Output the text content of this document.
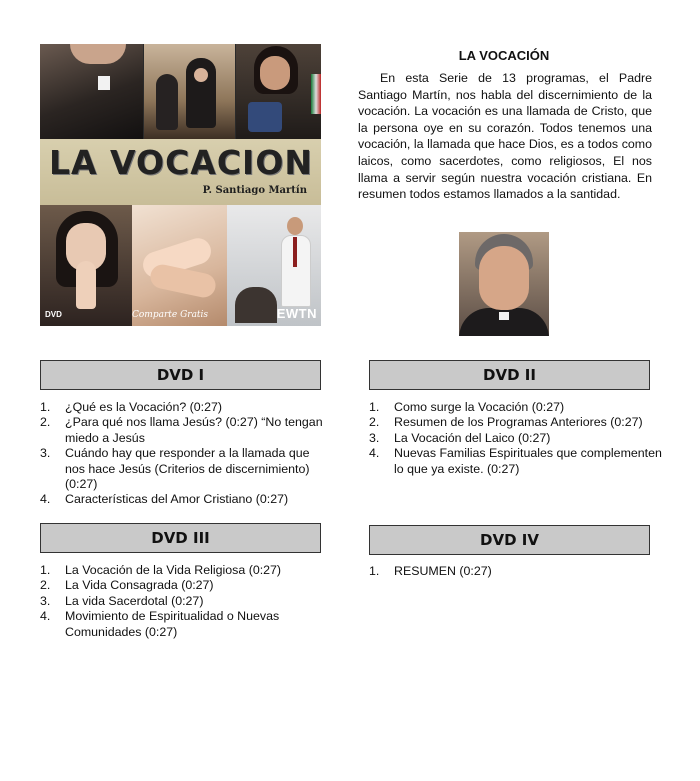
LA VOCACION
P. Santiago Martín
DVD	Comparte Gratis	EWTN
LA VOCACIÓN
En esta Serie de 13 programas, el Padre Santiago Martín, nos habla del discernimiento de la vocación. La vocación es una llamada de Cristo, que la persona oye en su corazón. Todos tenemos una vocación, la llamada que hace Dios, es a todos como laicos, como sacerdotes, como religiosos, El nos llama a servir según nuestra vocación cristiana. En resumen todos estamos llamados a la santidad.
DVD I
1. ¿Qué es la Vocación? (0:27)
2. ¿Para qué nos llama Jesús? (0:27) “No tengan miedo a Jesús
3. Cuándo hay que responder a la llamada que nos hace Jesús (Criterios de discernimiento) (0:27)
4. Características del Amor Cristiano (0:27)
DVD II
1. Como surge la Vocación (0:27)
2. Resumen de los Programas Anteriores (0:27)
3. La Vocación del Laico (0:27)
4. Nuevas Familias Espirituales que complementen lo que ya existe. (0:27)
DVD III
1. La Vocación de la Vida Religiosa (0:27)
2. La Vida Consagrada (0:27)
3. La vida Sacerdotal (0:27)
4. Movimiento de Espiritualidad o Nuevas Comunidades (0:27)
DVD IV
1. RESUMEN (0:27)
